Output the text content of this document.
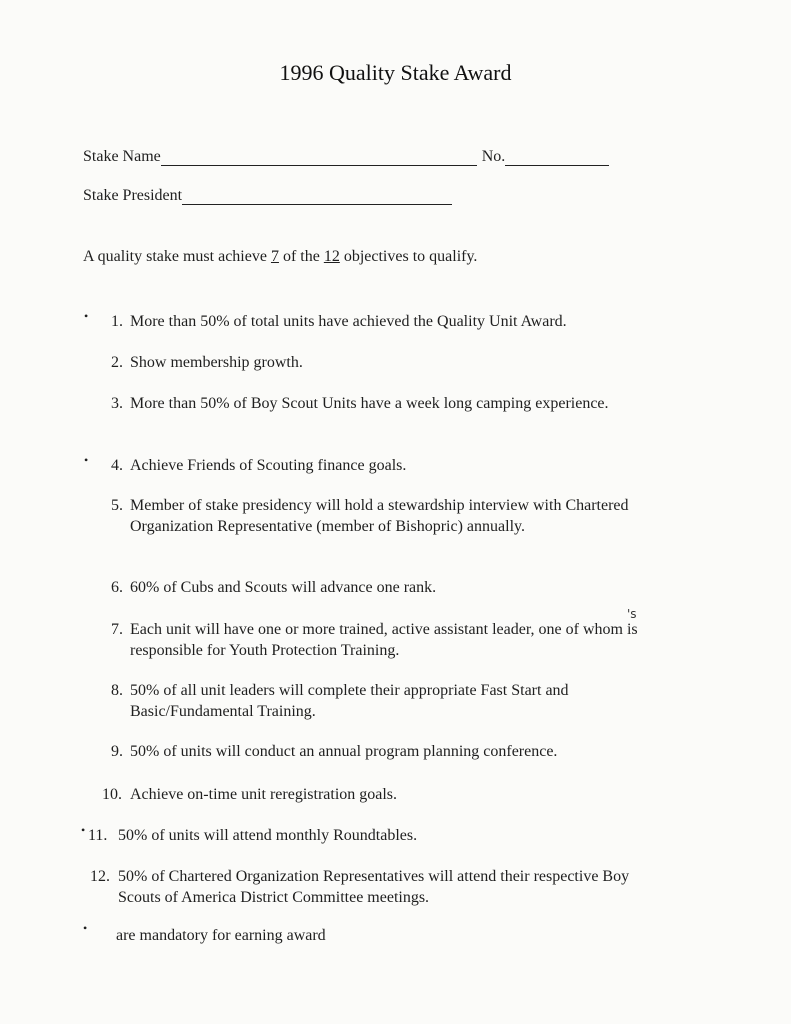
1996 Quality Stake Award
Stake Name	No.
Stake President
A quality stake must achieve 7 of the 12 objectives to qualify.
•	1. More than 50% of total units have achieved the Quality Unit Award.
2. Show membership growth.
3. More than 50% of Boy Scout Units have a week long camping experience.
•	4. Achieve Friends of Scouting finance goals.
5. Member of stake presidency will hold a stewardship interview with Chartered Organization Representative (member of Bishopric) annually.
6. 60% of Cubs and Scouts will advance one rank.
's
7. Each unit will have one or more trained, active assistant leader, one of whom is responsible for Youth Protection Training.
8. 50% of all unit leaders will complete their appropriate Fast Start and Basic/Fundamental Training.
9. 50% of units will conduct an annual program planning conference.
10. Achieve on-time unit reregistration goals.
• 11. 50% of units will attend monthly Roundtables.
12. 50% of Chartered Organization Representatives will attend their respective Boy Scouts of America District Committee meetings.
• are mandatory for earning award
